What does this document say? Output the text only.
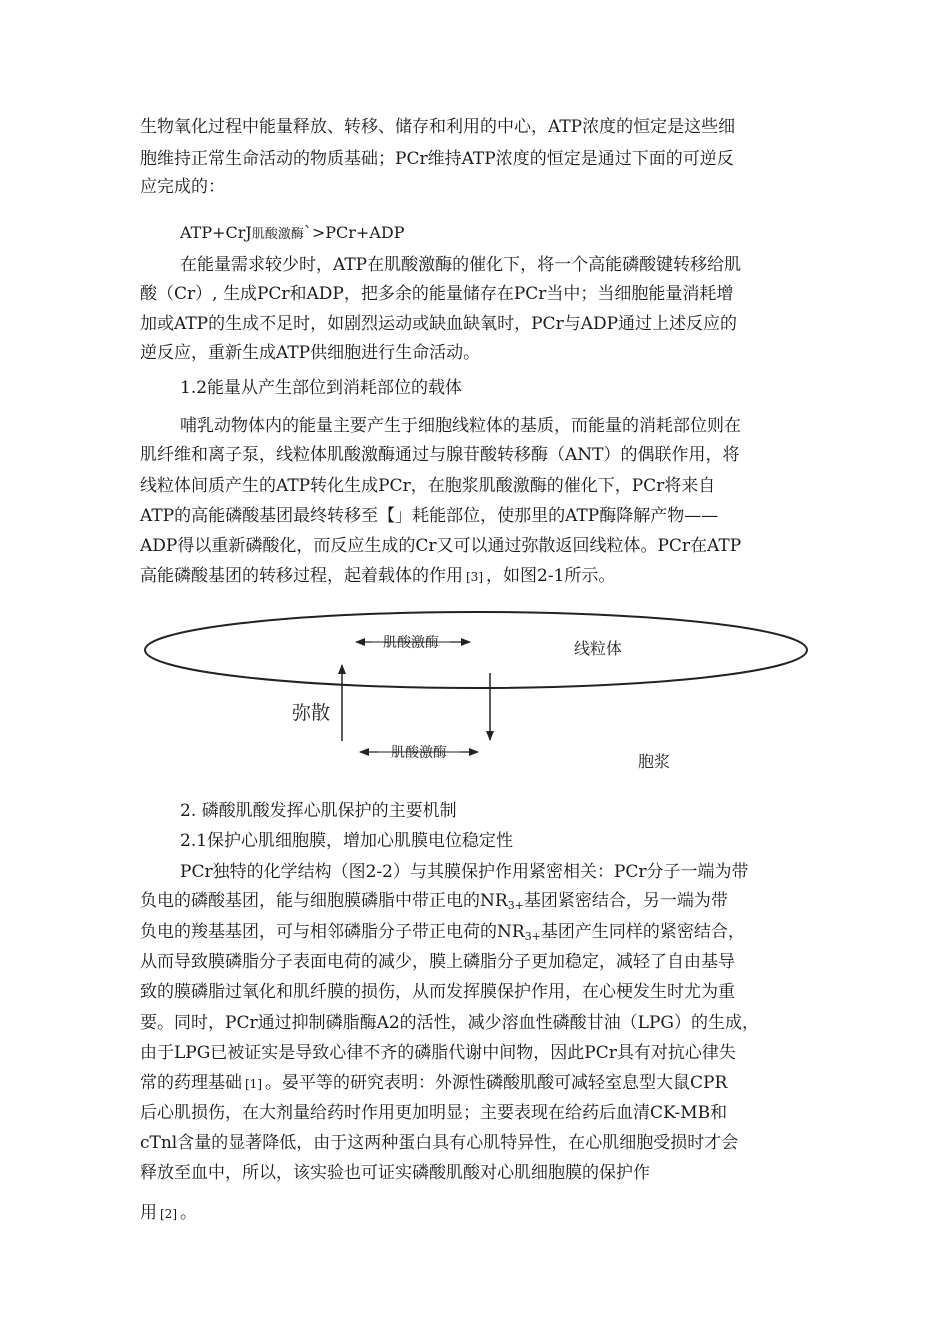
生物氧化过程中能量释放、转移、储存和利用的中心，ATP浓度的恒定是这些细
胞维持正常生命活动的物质基础；PCr维持ATP浓度的恒定是通过下面的可逆反
应完成的：
ATP+CrJ肌酸激酶`>PCr+ADP
在能量需求较少时，ATP在肌酸激酶的催化下，将一个高能磷酸键转移给肌
酸（Cr）, 生成PCr和ADP，把多余的能量储存在PCr当中；当细胞能量消耗增
加或ATP的生成不足时，如剧烈运动或缺血缺氧时，PCr与ADP通过上述反应的
逆反应，重新生成ATP供细胞进行生命活动。
1.2能量从产生部位到消耗部位的载体
哺乳动物体内的能量主要产生于细胞线粒体的基质，而能量的消耗部位则在
肌纤维和离子泵，线粒体肌酸激酶通过与腺苷酸转移酶（ANT）的偶联作用，将
线粒体间质产生的ATP转化生成PCr，在胞浆肌酸激酶的催化下，PCr将来自
ATP的高能磷酸基团最终转移至【」耗能部位，使那里的ATP酶降解产物——
ADP得以重新磷酸化，而反应生成的Cr又可以通过弥散返回线粒体。PCr在ATP
高能磷酸基团的转移过程，起着载体的作用 [3] ，如图2-1所示。
肌酸激酶	线粒体
弥散
肌酸激酶	胞浆
2. 磷酸肌酸发挥心肌保护的主要机制
2.1保护心肌细胞膜，增加心肌膜电位稳定性
PCr独特的化学结构（图2-2）与其膜保护作用紧密相关：PCr分子一端为带
负电的磷酸基团，能与细胞膜磷脂中带正电的$NR_{3+}$基团紧密结合，另一端为带
负电的羧基基团，可与相邻磷脂分子带正电荷的$NR_{3+}$基团产生同样的紧密结合，
从而导致膜磷脂分子表面电荷的减少，膜上磷脂分子更加稳定，减轻了自由基导
致的膜磷脂过氧化和肌纤膜的损伤，从而发挥膜保护作用，在心梗发生时尤为重
要。同时，PCr通过抑制磷脂酶A2的活性，减少溶血性磷酸甘油（LPG）的生成，
由于LPG已被证实是导致心律不齐的磷脂代谢中间物，因此PCr具有对抗心律失
常的药理基础 [1] 。晏平等的研究表明：外源性磷酸肌酸可减轻室息型大鼠CPR
后心肌损伤，在大剂量给药时作用更加明显；主要表现在给药后血清CK-MB和
cTnl含量的显著降低，由于这两种蛋白具有心肌特异性，在心肌细胞受损时才会
释放至血中，所以，该实验也可证实磷酸肌酸对心肌细胞膜的保护作
用 [2] 。
